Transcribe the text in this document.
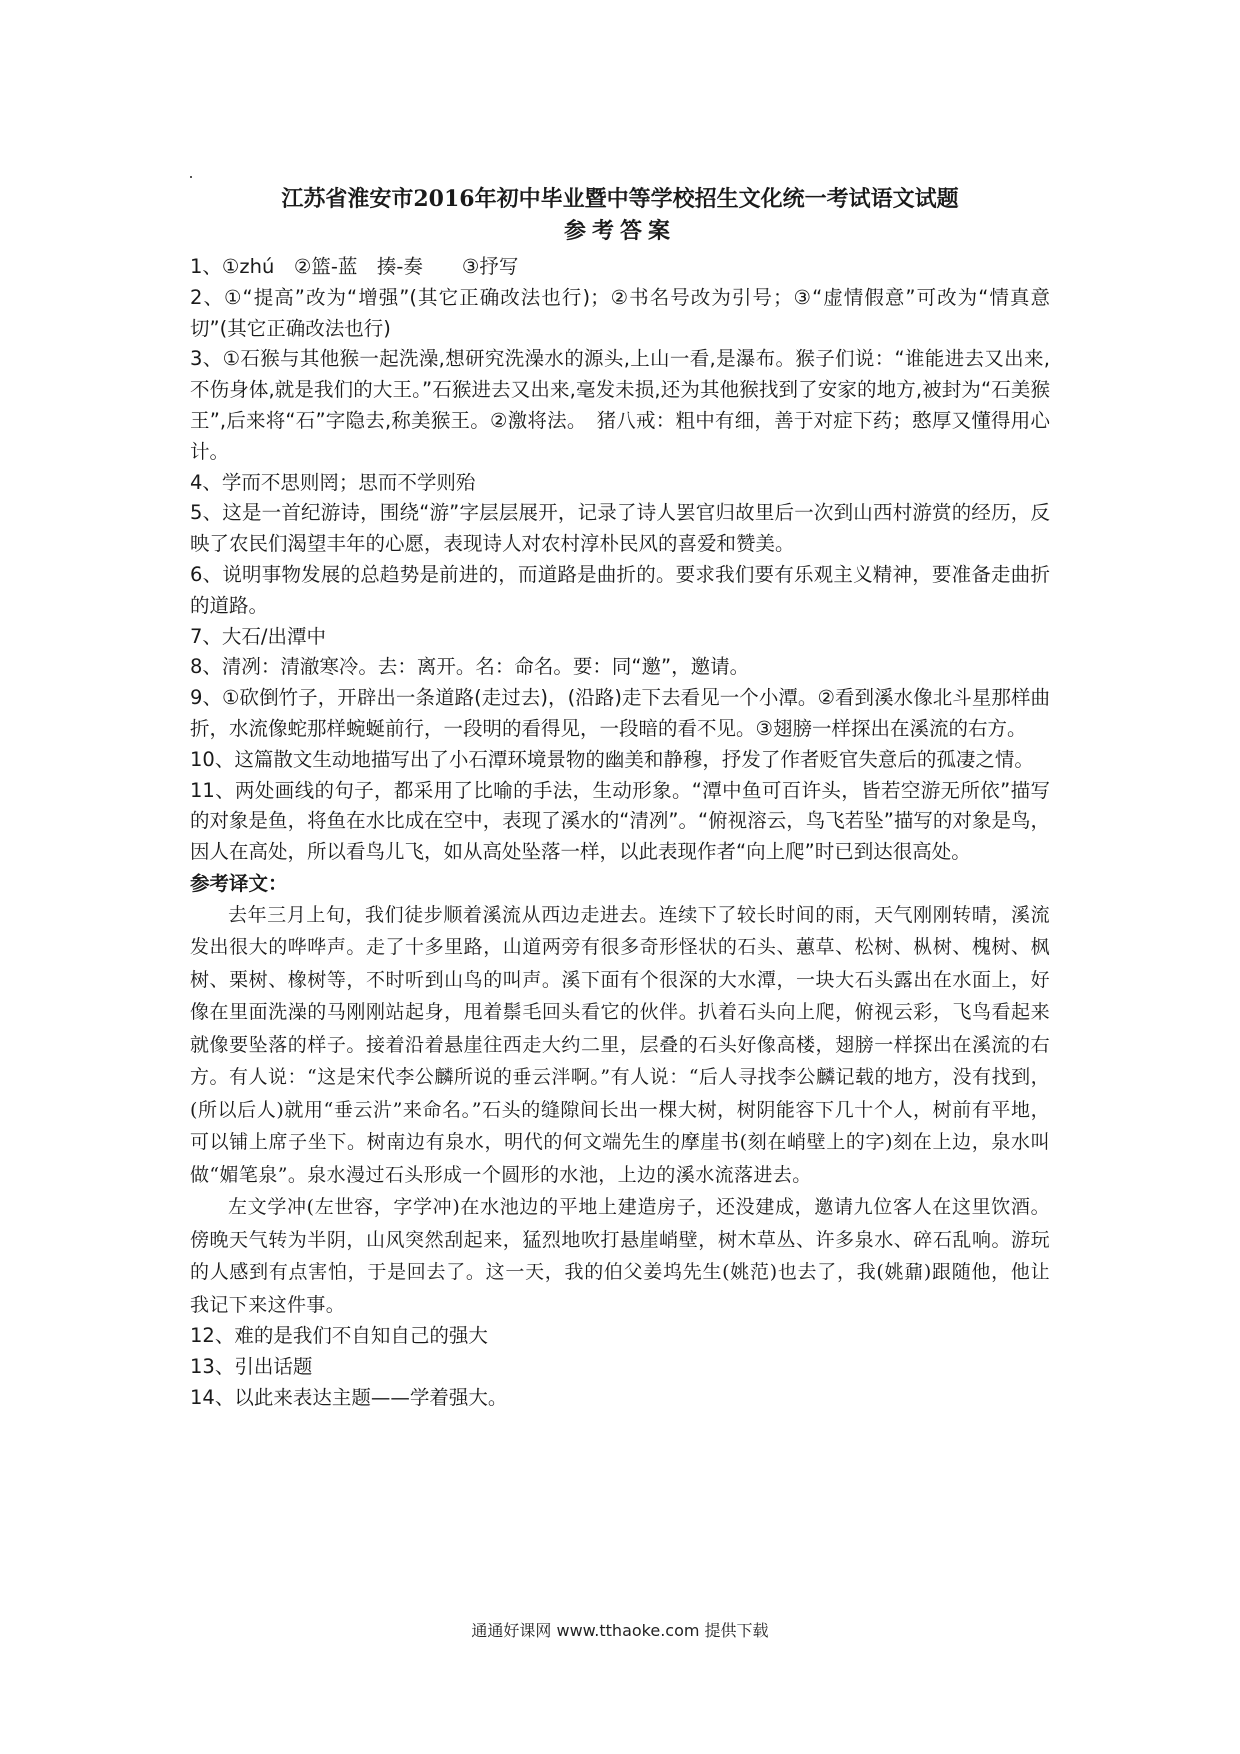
江苏省淮安市2016年初中毕业暨中等学校招生文化统一考试语文试题
参考答案

1、①zhú　②篮-蓝　揍-奏　　③抒写

2、①“提高”改为“增强”(其它正确改法也行)；②书名号改为引号；③“虚情假意”可改为“情真意切”(其它正确改法也行)

3、①石猴与其他猴一起洗澡,想研究洗澡水的源头,上山一看,是瀑布。猴子们说：“谁能进去又出来,不伤身体,就是我们的大王。”石猴进去又出来,毫发未损,还为其他猴找到了安家的地方,被封为“石美猴王”,后来将“石”字隐去,称美猴王。②激将法。　猪八戒：粗中有细，善于对症下药；憨厚又懂得用心计。

4、学而不思则罔；思而不学则殆

5、这是一首纪游诗，围绕“游”字层层展开，记录了诗人罢官归故里后一次到山西村游赏的经历，反映了农民们渴望丰年的心愿，表现诗人对农村淳朴民风的喜爱和赞美。

6、说明事物发展的总趋势是前进的，而道路是曲折的。要求我们要有乐观主义精神，要准备走曲折的道路。

7、大石/出潭中

8、清冽：清澈寒冷。去：离开。名：命名。要：同“邀”，邀请。

9、①砍倒竹子，开辟出一条道路(走过去)，(沿路)走下去看见一个小潭。②看到溪水像北斗星那样曲折，水流像蛇那样蜿蜒前行，一段明的看得见，一段暗的看不见。③翅膀一样探出在溪流的右方。

10、这篇散文生动地描写出了小石潭环境景物的幽美和静穆，抒发了作者贬官失意后的孤凄之情。

11、两处画线的句子，都采用了比喻的手法，生动形象。“潭中鱼可百许头，皆若空游无所依”描写的对象是鱼，将鱼在水比成在空中，表现了溪水的“清冽”。“俯视溶云，鸟飞若坠”描写的对象是鸟，因人在高处，所以看鸟儿飞，如从高处坠落一样，以此表现作者“向上爬”时已到达很高处。

参考译文：

去年三月上旬，我们徒步顺着溪流从西边走进去。连续下了较长时间的雨，天气刚刚转晴，溪流发出很大的哗哗声。走了十多里路，山道两旁有很多奇形怪状的石头、蕙草、松树、枞树、槐树、枫树、栗树、橡树等，不时听到山鸟的叫声。溪下面有个很深的大水潭，一块大石头露出在水面上，好像在里面洗澡的马刚刚站起身，甩着鬃毛回头看它的伙伴。扒着石头向上爬，俯视云彩，飞鸟看起来就像要坠落的样子。接着沿着悬崖往西走大约二里，层叠的石头好像高楼，翅膀一样探出在溪流的右方。有人说：“这是宋代李公麟所说的垂云泮啊。”有人说：“后人寻找李公麟记载的地方，没有找到，(所以后人)就用“垂云沜”来命名。”石头的缝隙间长出一棵大树，树阴能容下几十个人，树前有平地，可以铺上席子坐下。树南边有泉水，明代的何文端先生的摩崖书(刻在峭壁上的字)刻在上边，泉水叫做“媚笔泉”。泉水漫过石头形成一个圆形的水池，上边的溪水流落进去。

左文学冲(左世容，字学冲)在水池边的平地上建造房子，还没建成，邀请九位客人在这里饮酒。傍晚天气转为半阴，山风突然刮起来，猛烈地吹打悬崖峭壁，树木草丛、许多泉水、碎石乱响。游玩的人感到有点害怕，于是回去了。这一天，我的伯父姜坞先生(姚范)也去了，我(姚鼐)跟随他，他让我记下来这件事。

12、难的是我们不自知自己的强大

13、引出话题

14、以此来表达主题——学着强大。

通通好课网 www.tthaoke.com 提供下载
